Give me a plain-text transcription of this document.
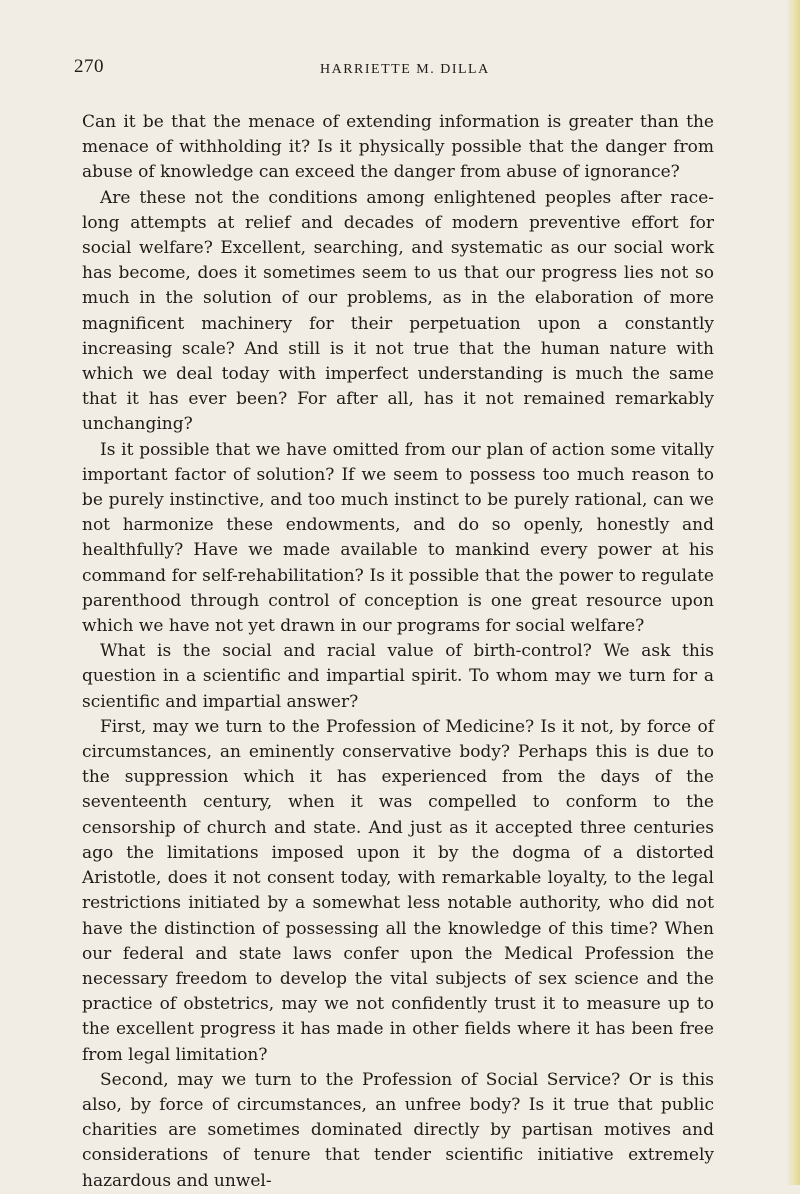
270	HARRIETTE M. DILLA

Can it be that the menace of extending information is greater than the menace of withholding it? Is it physically possible that the danger from abuse of knowledge can exceed the danger from abuse of ignorance?

Are these not the conditions among enlightened peoples after race-long attempts at relief and decades of modern preventive effort for social welfare? Excellent, searching, and systematic as our social work has become, does it sometimes seem to us that our progress lies not so much in the solution of our problems, as in the elaboration of more magnificent machinery for their perpetuation upon a constantly increasing scale? And still is it not true that the human nature with which we deal today with imperfect understanding is much the same that it has ever been? For after all, has it not remained remarkably unchanging?

Is it possible that we have omitted from our plan of action some vitally important factor of solution? If we seem to possess too much reason to be purely instinctive, and too much instinct to be purely rational, can we not harmonize these endowments, and do so openly, honestly and healthfully? Have we made available to mankind every power at his command for self-rehabilitation? Is it possible that the power to regulate parenthood through control of conception is one great resource upon which we have not yet drawn in our programs for social welfare?

What is the social and racial value of birth-control? We ask this question in a scientific and impartial spirit. To whom may we turn for a scientific and impartial answer?

First, may we turn to the Profession of Medicine? Is it not, by force of circumstances, an eminently conservative body? Perhaps this is due to the suppression which it has experienced from the days of the seventeenth century, when it was compelled to conform to the censorship of church and state. And just as it accepted three centuries ago the limitations imposed upon it by the dogma of a distorted Aristotle, does it not consent today, with remarkable loyalty, to the legal restrictions initiated by a somewhat less notable authority, who did not have the distinction of possessing all the knowledge of this time? When our federal and state laws confer upon the Medical Profession the necessary freedom to develop the vital subjects of sex science and the practice of obstetrics, may we not confidently trust it to measure up to the excellent progress it has made in other fields where it has been free from legal limitation?

Second, may we turn to the Profession of Social Service? Or is this also, by force of circumstances, an unfree body? Is it true that public charities are sometimes dominated directly by partisan motives and considerations of tenure that tender scientific initiative extremely hazardous and unwel-
